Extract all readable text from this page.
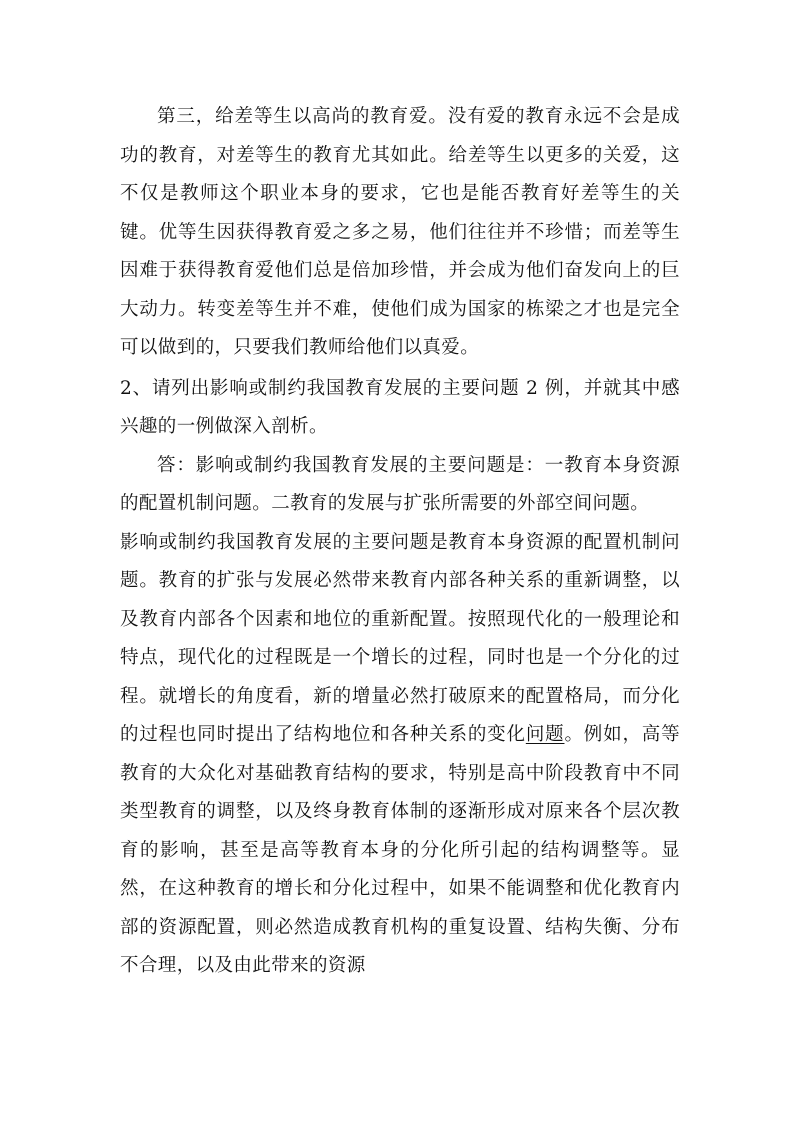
第三，给差等生以高尚的教育爱。没有爱的教育永远不会是成功的教育，对差等生的教育尤其如此。给差等生以更多的关爱，这不仅是教师这个职业本身的要求，它也是能否教育好差等生的关键。优等生因获得教育爱之多之易，他们往往并不珍惜；而差等生因难于获得教育爱他们总是倍加珍惜，并会成为他们奋发向上的巨大动力。转变差等生并不难，使他们成为国家的栋梁之才也是完全可以做到的，只要我们教师给他们以真爱。

2、请列出影响或制约我国教育发展的主要问题 2 例，并就其中感兴趣的一例做深入剖析。

答：影响或制约我国教育发展的主要问题是：一教育本身资源的配置机制问题。二教育的发展与扩张所需要的外部空间问题。

影响或制约我国教育发展的主要问题是教育本身资源的配置机制问题。教育的扩张与发展必然带来教育内部各种关系的重新调整，以及教育内部各个因素和地位的重新配置。按照现代化的一般理论和特点，现代化的过程既是一个增长的过程，同时也是一个分化的过程。就增长的角度看，新的增量必然打破原来的配置格局，而分化的过程也同时提出了结构地位和各种关系的变化问题。例如，高等教育的大众化对基础教育结构的要求，特别是高中阶段教育中不同类型教育的调整，以及终身教育体制的逐渐形成对原来各个层次教育的影响，甚至是高等教育本身的分化所引起的结构调整等。显然，在这种教育的增长和分化过程中，如果不能调整和优化教育内部的资源配置，则必然造成教育机构的重复设置、结构失衡、分布不合理，以及由此带来的资源
